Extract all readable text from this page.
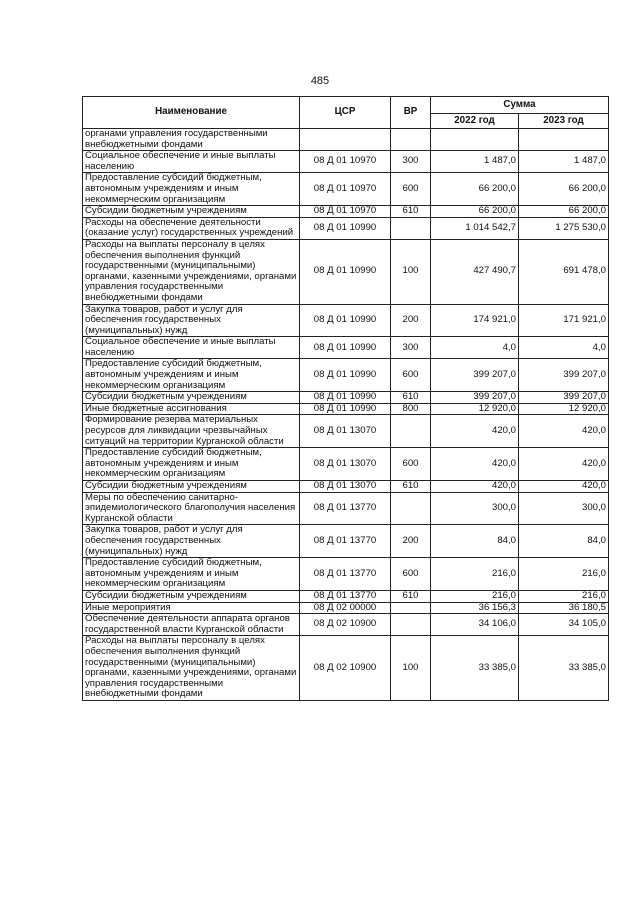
485
Наименование	ЦСР	ВР	Сумма	
			2022 год	2023 год
органами управления государственными внебюджетными фондами				
Социальное обеспечение и иные выплаты населению	08 Д 01 10970	300	1 487,0	1 487,0
Предоставление субсидий бюджетным, автономным учреждениям и иным некоммерческим организациям	08 Д 01 10970	600	66 200,0	66 200,0
Субсидии бюджетным учреждениям	08 Д 01 10970	610	66 200,0	66 200,0
Расходы на обеспечение деятельности (оказание услуг) государственных учреждений	08 Д 01 10990		1 014 542,7	1 275 530,0
Расходы на выплаты персоналу в целях обеспечения выполнения функций государственными (муниципальными) органами, казенными учреждениями, органами управления государственными внебюджетными фондами	08 Д 01 10990	100	427 490,7	691 478,0
Закупка товаров, работ и услуг для обеспечения государственных (муниципальных) нужд	08 Д 01 10990	200	174 921,0	171 921,0
Социальное обеспечение и иные выплаты населению	08 Д 01 10990	300	4,0	4,0
Предоставление субсидий бюджетным, автономным учреждениям и иным некоммерческим организациям	08 Д 01 10990	600	399 207,0	399 207,0
Субсидии бюджетным учреждениям	08 Д 01 10990	610	399 207,0	399 207,0
Иные бюджетные ассигнования	08 Д 01 10990	800	12 920,0	12 920,0
Формирование резерва материальных ресурсов для ликвидации чрезвычайных ситуаций на территории Курганской области	08 Д 01 13070		420,0	420,0
Предоставление субсидий бюджетным, автономным учреждениям и иным некоммерческим организациям	08 Д 01 13070	600	420,0	420,0
Субсидии бюджетным учреждениям	08 Д 01 13070	610	420,0	420,0
Меры по обеспечению санитарно-эпидемиологического благополучия населения Курганской области	08 Д 01 13770		300,0	300,0
Закупка товаров, работ и услуг для обеспечения государственных (муниципальных) нужд	08 Д 01 13770	200	84,0	84,0
Предоставление субсидий бюджетным, автономным учреждениям и иным некоммерческим организациям	08 Д 01 13770	600	216,0	216,0
Субсидии бюджетным учреждениям	08 Д 01 13770	610	216,0	216,0
Иные мероприятия	08 Д 02 00000		36 156,3	36 180,5
Обеспечение деятельности аппарата органов государственной власти Курганской области	08 Д 02 10900		34 106,0	34 105,0
Расходы на выплаты персоналу в целях обеспечения выполнения функций государственными (муниципальными) органами, казенными учреждениями, органами управления государственными внебюджетными фондами	08 Д 02 10900	100	33 385,0	33 385,0
